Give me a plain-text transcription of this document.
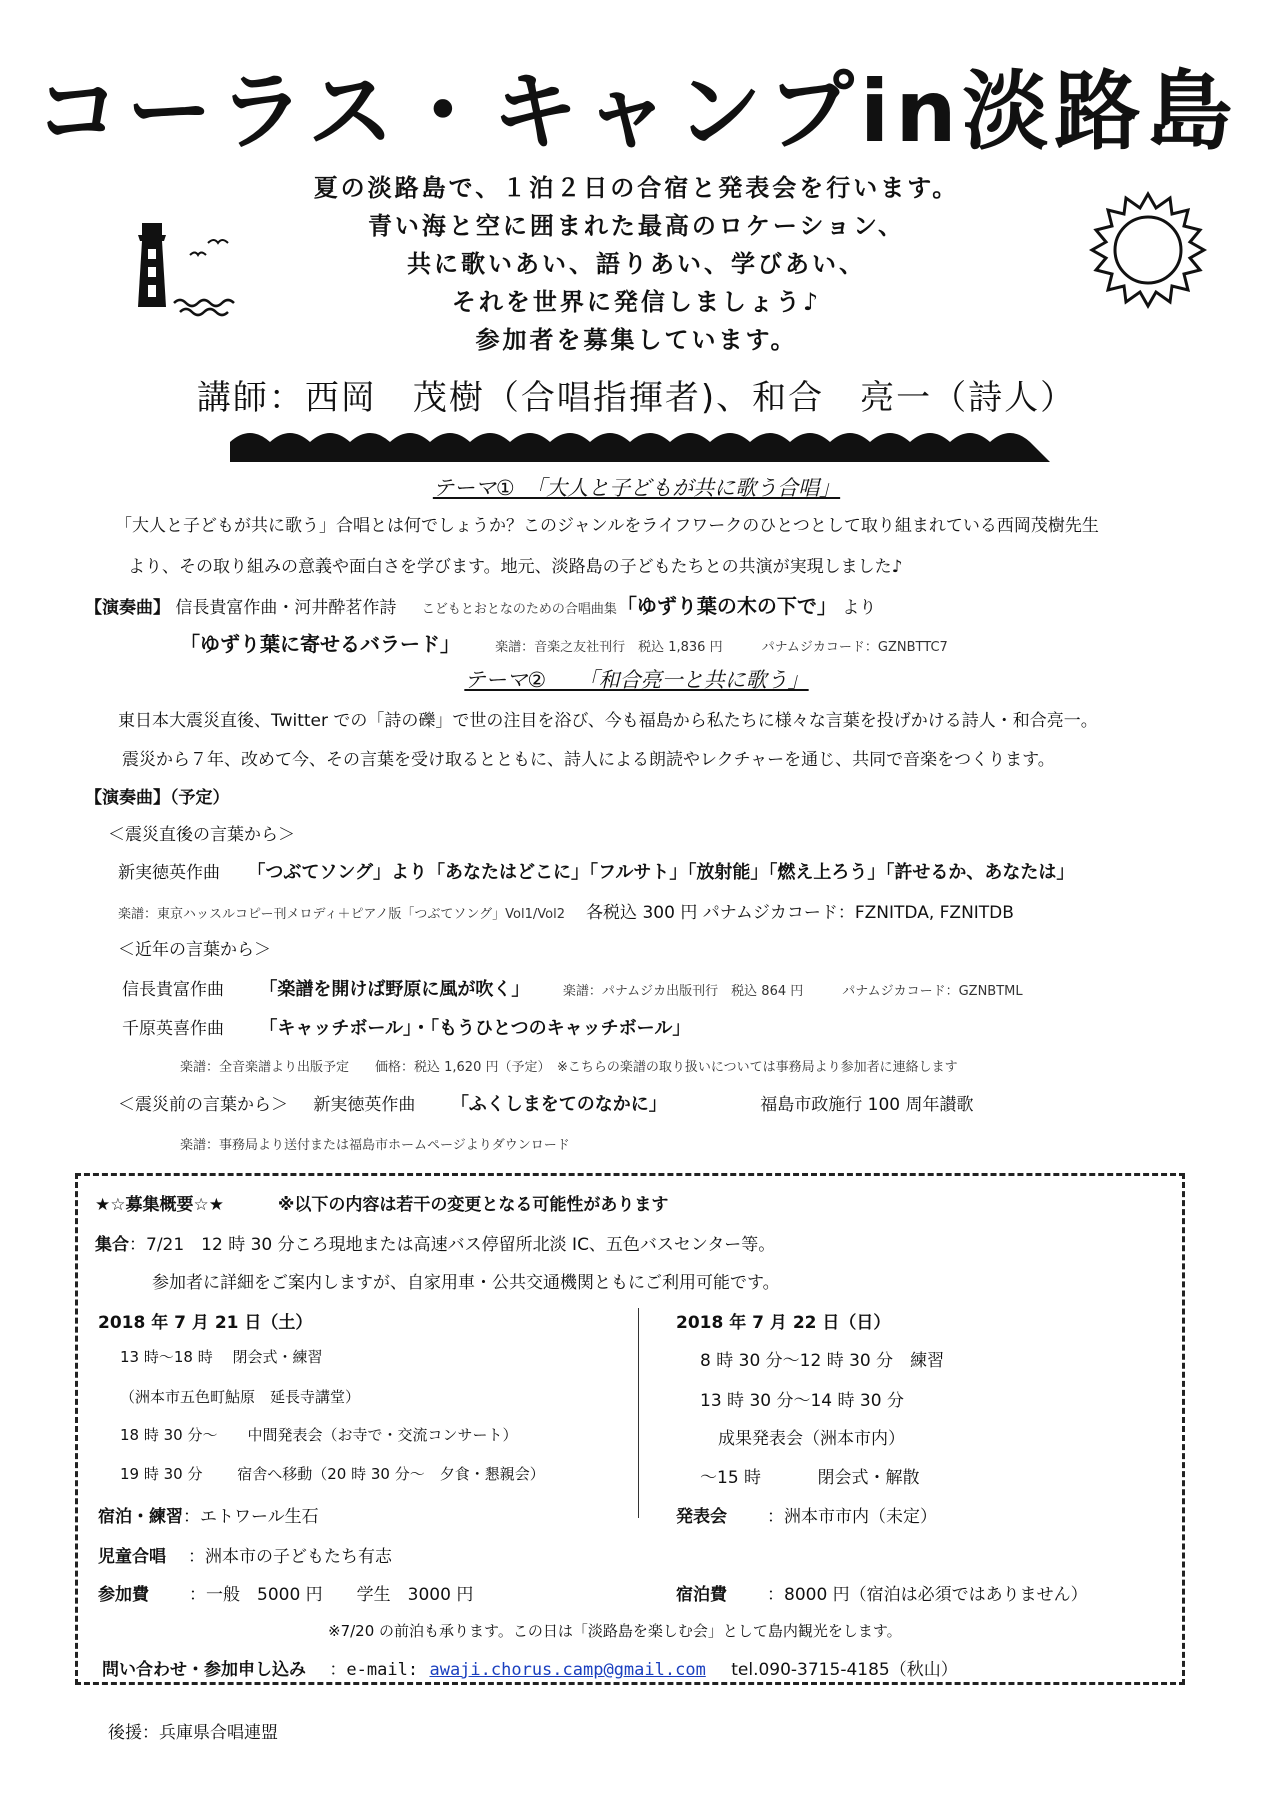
コーラス・キャンプin淡路島
夏の淡路島で、１泊２日の合宿と発表会を行います。
青い海と空に囲まれた最高のロケーション、
共に歌いあい、語りあい、学びあい、
それを世界に発信しましょう♪
参加者を募集しています。
講師：西岡　茂樹（合唱指揮者)、和合　亮一（詩人）
テーマ①　「大人と子どもが共に歌う合唱」
「大人と子どもが共に歌う」合唱とは何でしょうか？このジャンルをライフワークのひとつとして取り組まれている西岡茂樹先生
より、その取り組みの意義や面白さを学びます。地元、淡路島の子どもたちとの共演が実現しました♪
【演奏曲】 信長貴富作曲・河井酔茗作詩 こどもとおとなのための合唱曲集「ゆずり葉の木の下で」 より
「ゆずり葉に寄せるバラード」	楽譜：音楽之友社刊行　税込 1,836 円　　　パナムジカコード：GZNBTTC7
テーマ②　　「和合亮一と共に歌う」
東日本大震災直後、Twitter での「詩の礫」で世の注目を浴び、今も福島から私たちに様々な言葉を投げかける詩人・和合亮一。
震災から７年、改めて今、その言葉を受け取るとともに、詩人による朗読やレクチャーを通じ、共同で音楽をつくります。
【演奏曲】（予定）
＜震災直後の言葉から＞
新実徳英作曲 「つぶてソング」より「あなたはどこに」「フルサト」「放射能」「燃え上ろう」「許せるか、あなたは」
楽譜：東京ハッスルコピー刊メロディ＋ピアノ版「つぶてソング」Vol1/Vol2 各税込 300 円 パナムジカコード：FZNITDA, FZNITDB
＜近年の言葉から＞
信長貴富作曲 「楽譜を開けば野原に風が吹く」	楽譜：パナムジカ出版刊行　税込 864 円　　　パナムジカコード：GZNBTML
千原英喜作曲 「キャッチボール」・「もうひとつのキャッチボール」
楽譜：全音楽譜より出版予定　　価格：税込 1,620 円（予定）　※こちらの楽譜の取り扱いについては事務局より参加者に連絡します
＜震災前の言葉から＞ 新実徳英作曲 「ふくしまをてのなかに」	福島市政施行 100 周年讃歌
楽譜：事務局より送付または福島市ホームページよりダウンロード
★☆募集概要☆★	※以下の内容は若干の変更となる可能性があります
集合：7/21　12 時 30 分ころ現地または高速バス停留所北淡 IC、五色バスセンター等。
参加者に詳細をご案内しますが、自家用車・公共交通機関ともにご利用可能です。
2018 年 7 月 21 日（土）
13 時～18 時　 閉会式・練習
（洲本市五色町鮎原　延長寺講堂）
18 時 30 分～　　中間発表会（お寺で・交流コンサート）
19 時 30 分　　 宿舎へ移動（20 時 30 分～　夕食・懇親会）
2018 年 7 月 22 日（日）
8 時 30 分～12 時 30 分　練習
13 時 30 分～14 時 30 分
成果発表会（洲本市内）
～15 時　　　 閉会式・解散
宿泊・練習：エトワール生石	発表会 ：洲本市市内（未定）
児童合唱 ：洲本市の子どもたち有志
参加費 ：一般　5000 円　　学生　3000 円	宿泊費 ：8000 円（宿泊は必須ではありません）
※7/20 の前泊も承ります。この日は「淡路島を楽しむ会」として島内観光をします。
問い合わせ・参加申し込み ：e-mail: awaji.chorus.camp@gmail.com tel.090-3715-4185（秋山）
後援：兵庫県合唱連盟
